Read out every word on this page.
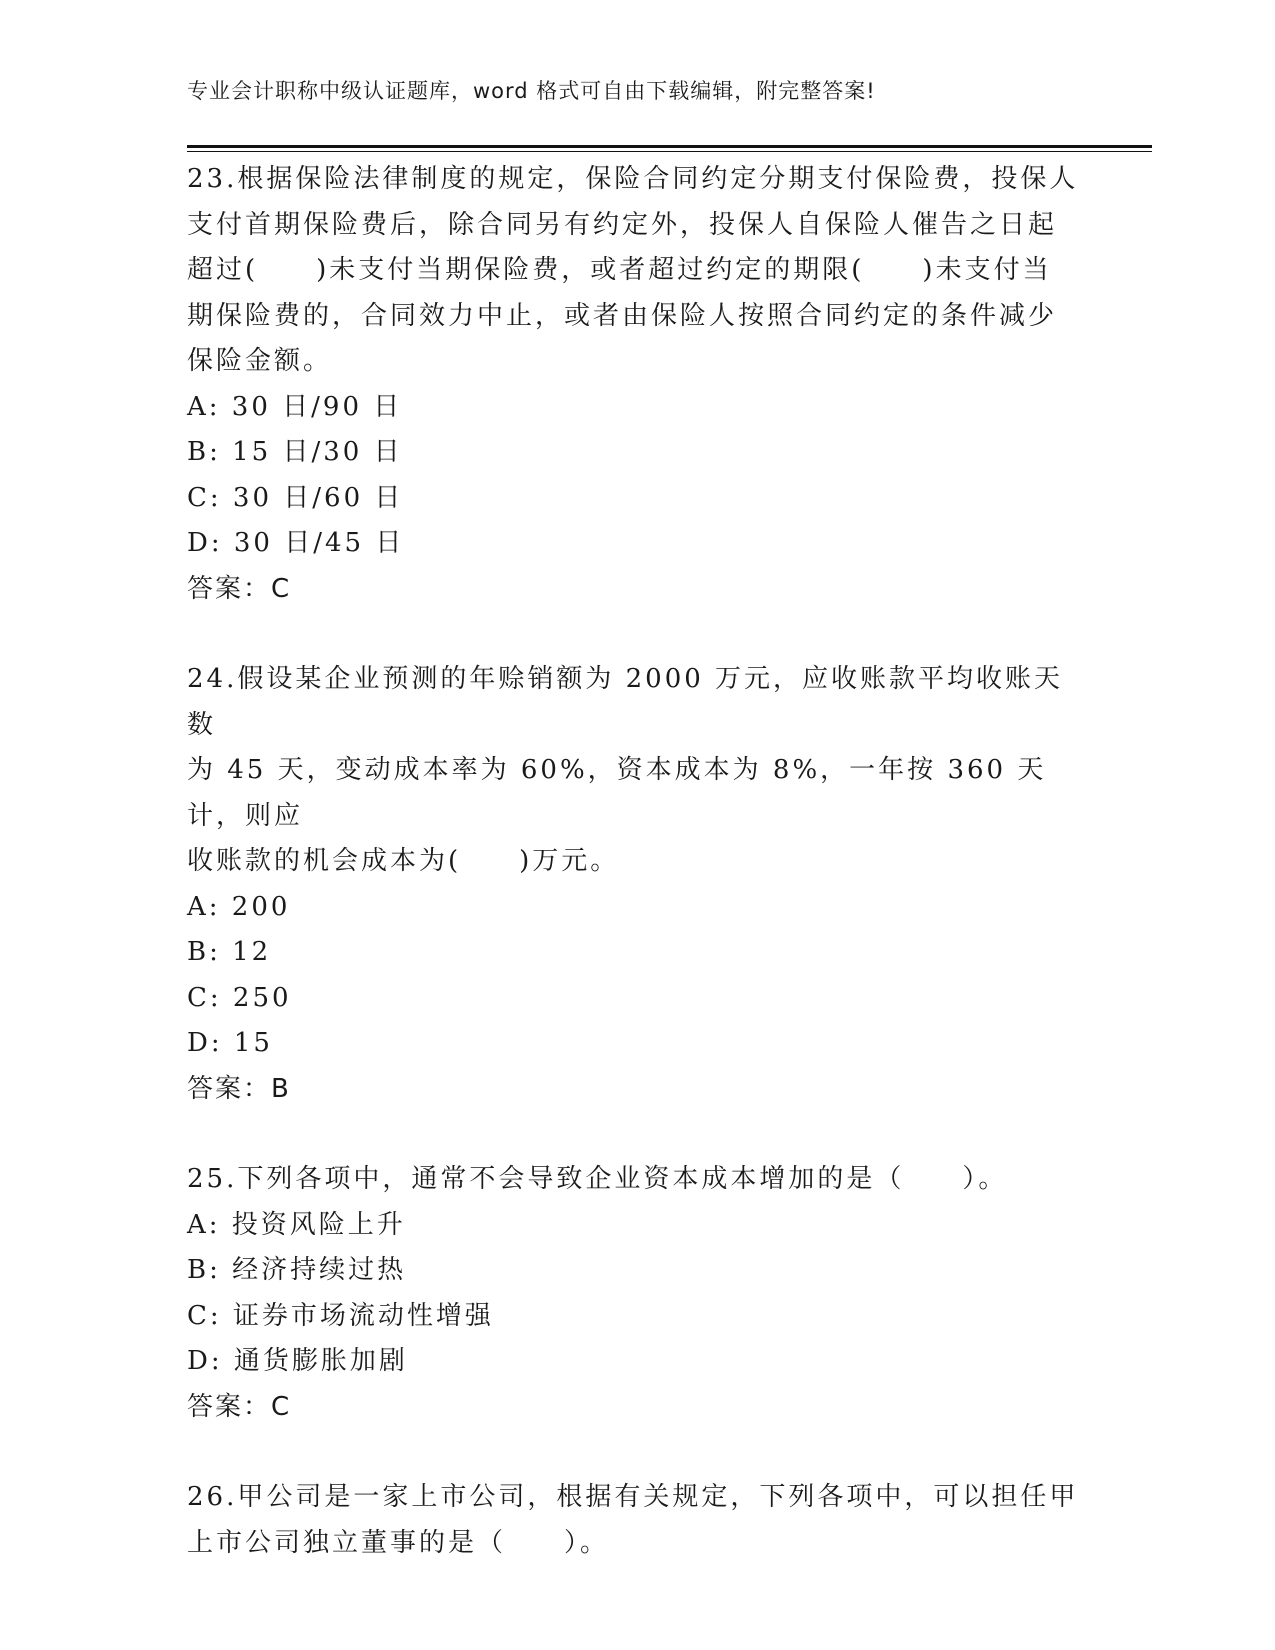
专业会计职称中级认证题库，word 格式可自由下载编辑，附完整答案!

23.根据保险法律制度的规定，保险合同约定分期支付保险费，投保人

支付首期保险费后，除合同另有约定外，投保人自保险人催告之日起

超过(　　)未支付当期保险费，或者超过约定的期限(　　)未支付当

期保险费的，合同效力中止，或者由保险人按照合同约定的条件减少

保险金额。

A: 30 日/90 日

B: 15 日/30 日

C: 30 日/60 日

D: 30 日/45 日

答案：C

24.假设某企业预测的年赊销额为 2000 万元，应收账款平均收账天数

为 45 天，变动成本率为 60%，资本成本为 8%，一年按 360 天计，则应

收账款的机会成本为(　　)万元。

A: 200

B: 12

C: 250

D: 15

答案：B

25.下列各项中，通常不会导致企业资本成本增加的是（　　）。

A: 投资风险上升

B: 经济持续过热

C: 证券市场流动性增强

D: 通货膨胀加剧

答案：C

26.甲公司是一家上市公司，根据有关规定，下列各项中，可以担任甲

上市公司独立董事的是（　　）。
